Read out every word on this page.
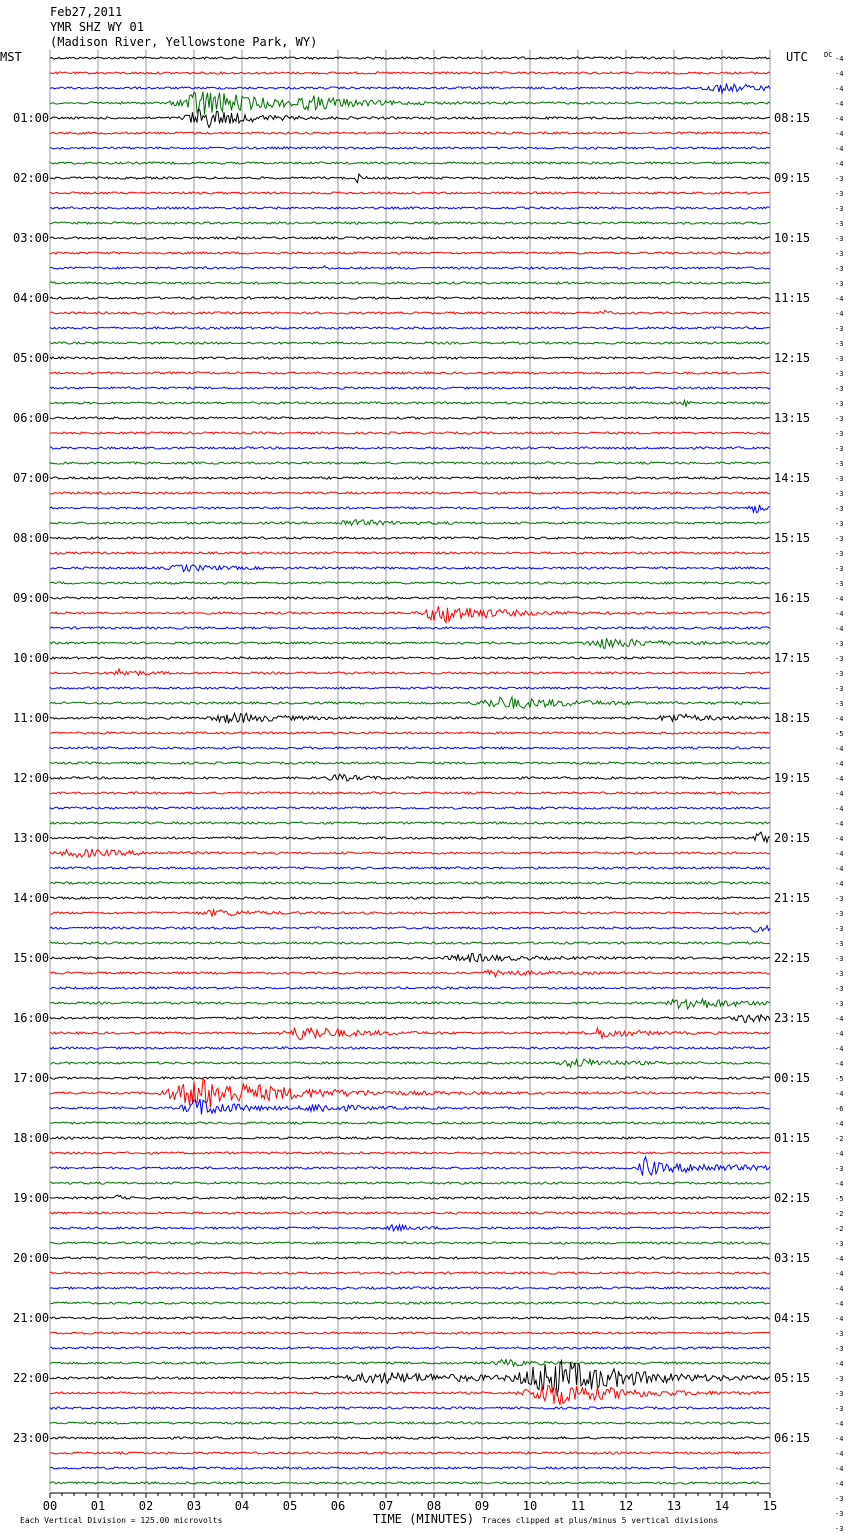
Feb27,2011
YMR SHZ WY 01
(Madison River, Yellowstone Park, WY)
MST	UTC DC
01:00
02:00
03:00
04:00
05:00
06:00
07:00
08:00
09:00
10:00
11:00
12:00
13:00
14:00
15:00
16:00
17:00
18:00
19:00
20:00
21:00
22:00
23:00
08:15
09:15
10:15
11:15
12:15
13:15
14:15
15:15
16:15
17:15
18:15
19:15
20:15
21:15
22:15
23:15
00:15
01:15
02:15
03:15
04:15
05:15
06:15
-4
-4
-4
-4
-4
-4
-4
-4
-3
-3
-3
-3
-3
-3
-3
-3
-4
-4
-3
-3
-3
-3
-3
-3
-3
-3
-3
-3
-3
-3
-3
-3
-3
-3
-3
-3
-4
-4
-4
-3
-3
-3
-3
-3
-4
-5
-4
-4
-4
-4
-4
-4
-4
-4
-4
-4
-3
-3
-3
-3
-3
-3
-3
-3
-4
-4
-4
-4
-5
-4
-6
-4
-2
-4
-3
-4
-5
-2
-2
-3
-4
-4
-4
-4
-4
-3
-3
-4
-3
-3
-3
-4
-4
-4
-4
-4
-3
-3
-3
00	01	02	03	04	05	06	07	08	09	10	11	12	13	14	15
TIME (MINUTES)
Each Vertical Division = 125.00 microvolts	Traces clipped at plus/minus 5 vertical divisions
